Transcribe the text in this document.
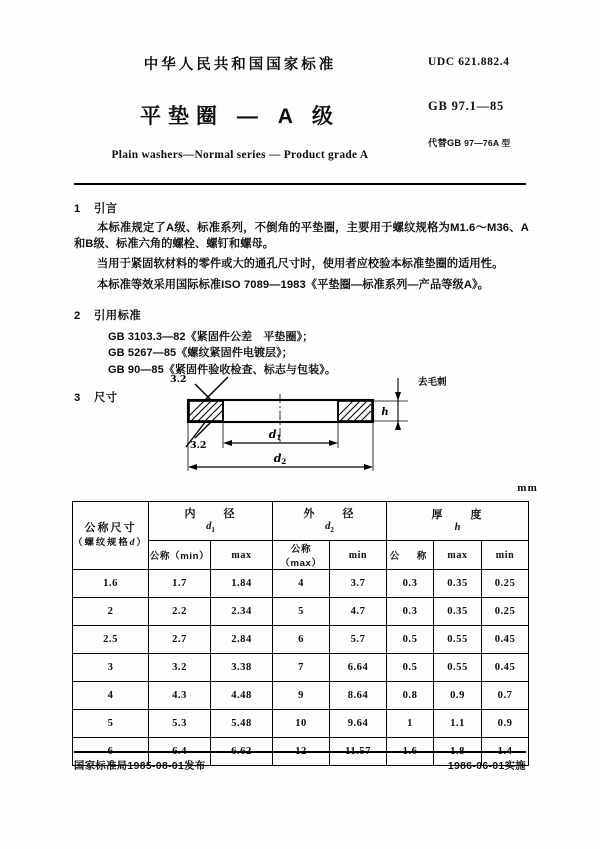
中华人民共和国国家标准
平垫圈 — A 级
Plain washers—Normal series — Product grade A
UDC 621.882.4
GB 97.1—85
代替GB 97—76A 型
1 引言
本标准规定了A级、标准系列，不倒角的平垫圈，主要用于螺纹规格为M1.6～M36、A和B级、标准六角的螺栓、螺钉和螺母。
当用于紧固软材料的零件或大的通孔尺寸时，使用者应校验本标准垫圈的适用性。
本标准等效采用国际标准ISO 7089—1983《平垫圈—标准系列—产品等级A》。
2 引用标准
GB 3103.3—82《紧固件公差　平垫圈》；
GB 5267—85《螺纹紧固件电镀层》；
GB 90—85《紧固件验收检查、标志与包装》。
3 尺寸
3.2
3.2
d1
d2
h
去毛刺
mm
公称尺寸
（螺纹规格d）

内　　径
$d_1$

外　　径
$d_2$

厚　　度
h

	公称（min）	max	公称（max）	min	公　称	max	min
1.6	1.7	1.84	4	3.7	0.3	0.35	0.25
2	2.2	2.34	5	4.7	0.3	0.35	0.25
2.5	2.7	2.84	6	5.7	0.5	0.55	0.45
3	3.2	3.38	7	6.64	0.5	0.55	0.45
4	4.3	4.48	9	8.64	0.8	0.9	0.7
5	5.3	5.48	10	9.64	1	1.1	0.9
6	6.4	6.62	12	11.57	1.6	1.8	1.4
国家标准局1985-08-01发布	1986-06-01实施
